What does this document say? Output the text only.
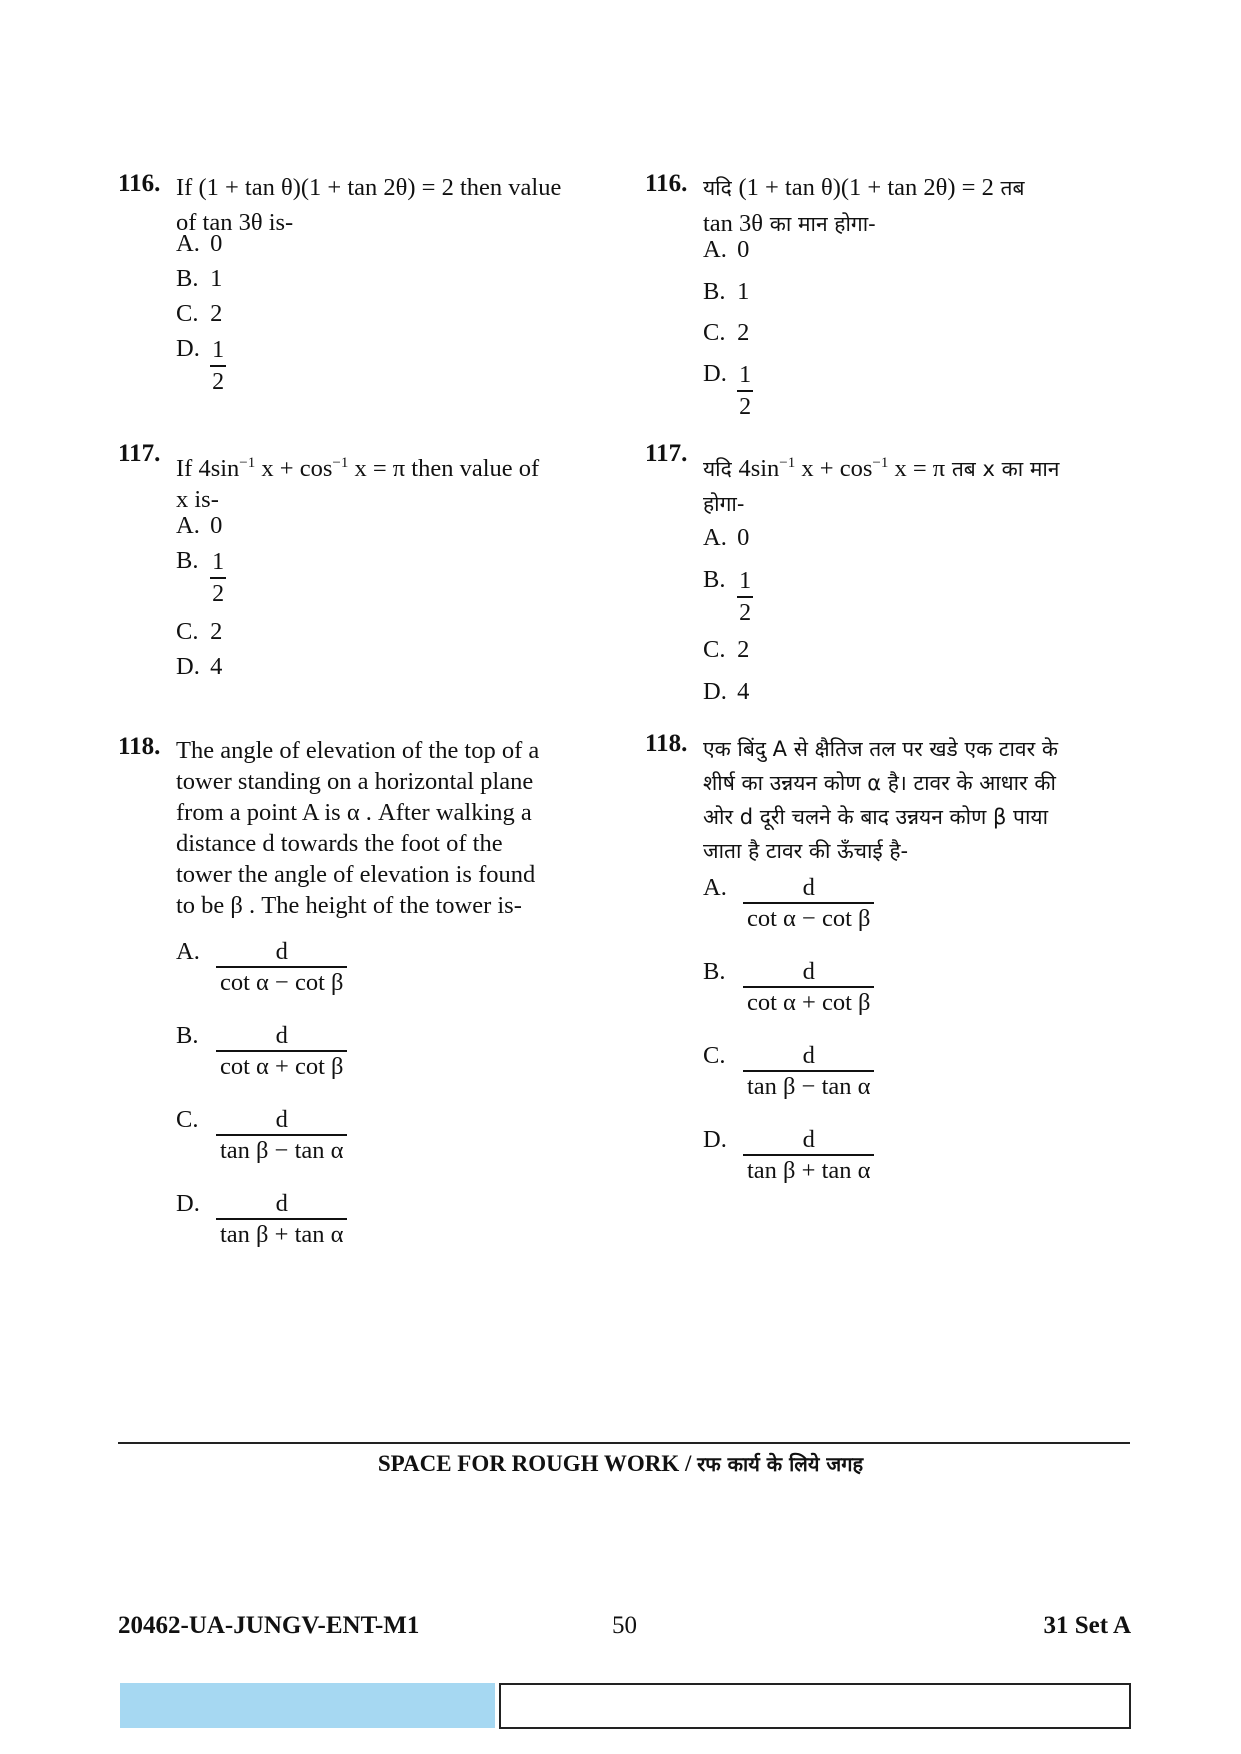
116. If (1 + tan θ)(1 + tan 2θ) = 2 then value
of tan 3θ is-
A. 0
B. 1
C. 2
D. $\frac{1}{2}$
117.
If $4\sin^{-1}$ $x + \cos^{-1} x = \pi$ then value of
x is-
A. 0
B. $\frac{1}{2}$
C. 2
D. 4
118. The angle of elevation of the top of a
tower standing on a horizontal plane
from a point A is α . After walking a
distance d towards the foot of the
tower the angle of elevation is found
to be β . The height of the tower is-
A. $\frac{d}{\text{cot α − cot β}}$
B. $\frac{d}{\text{cot α + cot β}}$
C. $\frac{d}{\text{tan β − tan α}}$
D. $\frac{d}{\text{tan β + tan α}}$
116. यदि (1 + tan θ)(1 + tan 2θ) = 2 तब
tan 3θ का मान होगा-
A. 0
B. 1
C. 2
D. $\frac{1}{2}$
117.
यदि $4\sin^{-1}$ $x + \cos^{-1} x = \pi$ तब x का मान
होगा-
A. 0
B. $\frac{1}{2}$
C. 2
D. 4
118. एक बिंदु A से क्षैतिज तल पर खडे एक टावर के
शीर्ष का उन्नयन कोण α है। टावर के आधार की
ओर d दूरी चलने के बाद उन्नयन कोण β पाया
जाता है टावर की ऊँचाई है-
A. $\frac{d}{\text{cot α − cot β}}$
B. $\frac{d}{\text{cot α + cot β}}$
C. $\frac{d}{\text{tan β − tan α}}$
D. $\frac{d}{\text{tan β + tan α}}$
SPACE FOR ROUGH WORK / रफ कार्य के लिये जगह
20462-UA-JUNGV-ENT-M1	50	31 Set A
